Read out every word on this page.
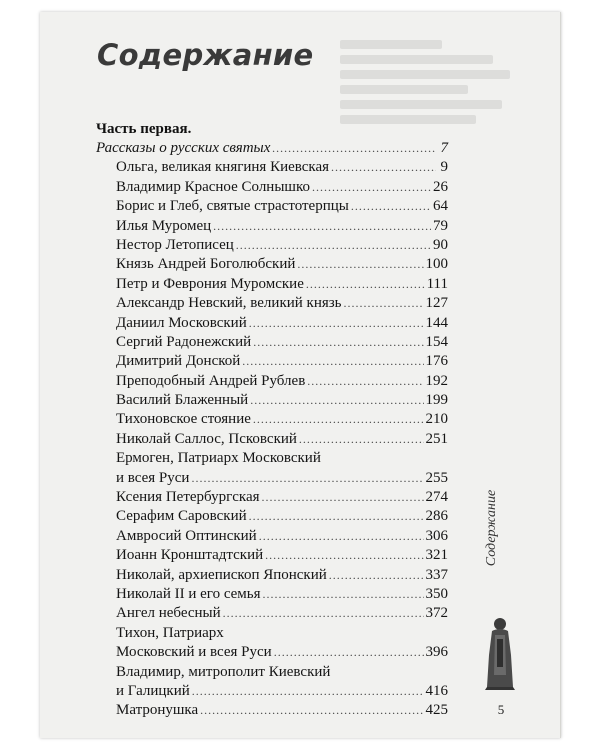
Содержание
Часть первая.
Рассказы о русских святых .....	7
Ольга, великая княгиня Киевская .....	9
Владимир Красное Солнышко .....	26
Борис и Глеб, святые страстотерпцы .....	64
Илья Муромец .....	79
Нестор Летописец .....	90
Князь Андрей Боголюбский .....	100
Петр и Феврония Муромские .....	111
Александр Невский, великий князь .....	127
Даниил Московский .....	144
Сергий Радонежский .....	154
Димитрий Донской .....	176
Преподобный Андрей Рублев .....	192
Василий Блаженный .....	199
Тихоновское стояние .....	210
Николай Саллос, Псковский .....	251
Ермоген, Патриарх Московский
и всея Руси .....	255
Ксения Петербургская .....	274
Серафим Саровский .....	286
Амвросий Оптинский .....	306
Иоанн Кронштадтский .....	321
Николай, архиепископ Японский .....	337
Николай II и его семья .....	350
Ангел небесный .....	372
Тихон, Патриарх
Московский и всея Руси .....	396
Владимир, митрополит Киевский
и Галицкий .....	416
Матронушка .....	425
Содержание
5
